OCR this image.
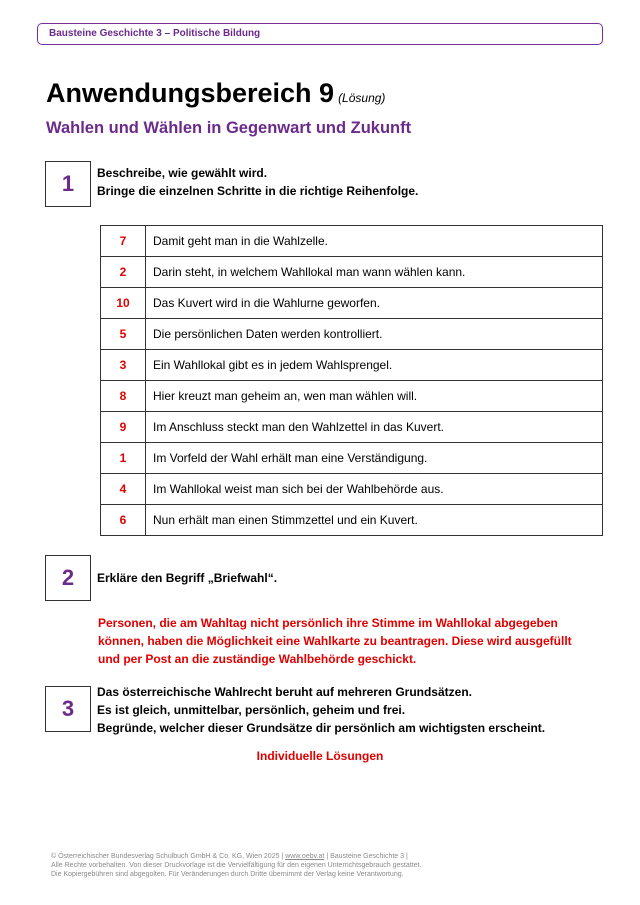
Bausteine Geschichte 3 – Politische Bildung
Anwendungsbereich 9 (Lösung)
Wahlen und Wählen in Gegenwart und Zukunft
1	Beschreibe, wie gewählt wird.
Bringe die einzelnen Schritte in die richtige Reihenfolge.
7	Damit geht man in die Wahlzelle.
2	Darin steht, in welchem Wahllokal man wann wählen kann.
10	Das Kuvert wird in die Wahlurne geworfen.
5	Die persönlichen Daten werden kontrolliert.
3	Ein Wahllokal gibt es in jedem Wahlsprengel.
8	Hier kreuzt man geheim an, wen man wählen will.
9	Im Anschluss steckt man den Wahlzettel in das Kuvert.
1	Im Vorfeld der Wahl erhält man eine Verständigung.
4	Im Wahllokal weist man sich bei der Wahlbehörde aus.
6	Nun erhält man einen Stimmzettel und ein Kuvert.
2	Erkläre den Begriff „Briefwahl“.
Personen, die am Wahltag nicht persönlich ihre Stimme im Wahllokal abgegeben
können, haben die Möglichkeit eine Wahlkarte zu beantragen. Diese wird ausgefüllt
und per Post an die zuständige Wahlbehörde geschickt.
3
Das österreichische Wahlrecht beruht auf mehreren Grundsätzen.
Es ist gleich, unmittelbar, persönlich, geheim und frei.
Begründe, welcher dieser Grundsätze dir persönlich am wichtigsten erscheint.
Individuelle Lösungen
© Österreichischer Bundesverlag Schulbuch GmbH & Co. KG, Wien 2025 | www.oebv.at | Bausteine Geschichte 3 |
Alle Rechte vorbehalten. Von dieser Druckvorlage ist die Vervielfältigung für den eigenen Unterrichtsgebrauch gestattet.
Die Kopiergebühren sind abgegolten. Für Veränderungen durch Dritte übernimmt der Verlag keine Verantwortung.
